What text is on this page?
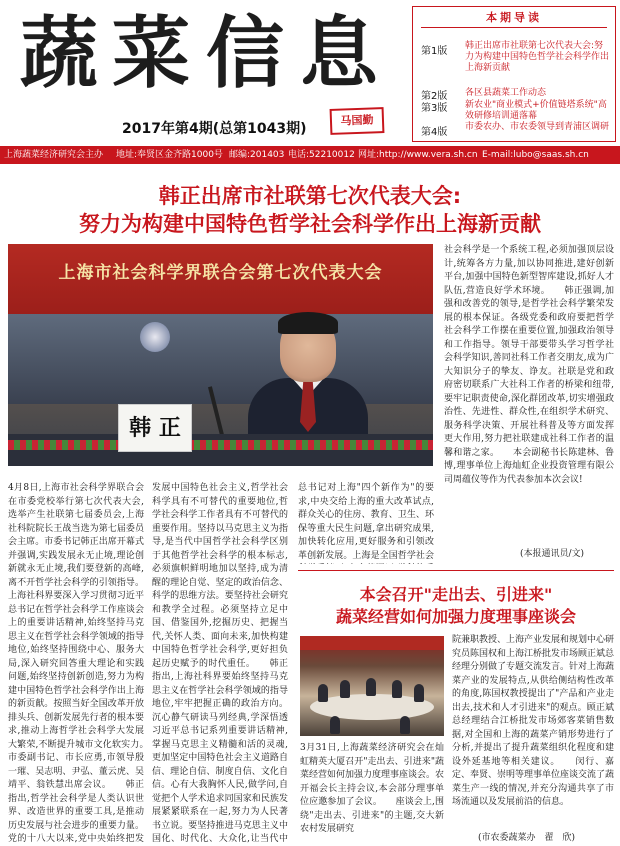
蔬 菜 信 息
马国勤
2017年第4期(总第1043期)
上海蔬菜经济研究会主办 地址:奉贤区金齐路1000号 邮编:201403 电话:52210012 网址:http://www.vera.sh.cn E-mail:lubo@saas.sh.cn
本期导读
第1版 韩正出席市社联第七次代表大会:努力为构建中国特色哲学社会科学作出上海新贡献
第2版 各区县蔬菜工作动态
第3版 新农业"商业模式+价值链塔系统"高效研修培训通落幕
第4版 市委农办、市农委领导到青浦区调研
韩正出席市社联第七次代表大会:
努力为构建中国特色哲学社会科学作出上海新贡献
上海市社会科学界联合会第七次代表大会
韩 正
社会科学是一个系统工程,必须加强顶层设计,统筹各方力量,加以协同推进,建好创新平台,加强中国特色新型智库建设,抓好人才队伍,营造良好学术环境。　　韩正强调,加强和改善党的领导,是哲学社会科学繁荣发展的根本保证。各级党委和政府要把哲学社会科学工作摆在重要位置,加强政治领导和工作指导。领导干部要带头学习哲学社会科学知识,善同社科工作者交朋友,成为广大知识分子的挚友、诤友。社联是党和政府密切联系广大社科工作者的桥梁和纽带,要牢记职责使命,深化群团改革,切实增强政治性、先进性、群众性,在组织学术研究、服务科学决策、开展社科普及等方面发挥更大作用,努力把社联建成社科工作者的温馨和谐之家。　　本会副秘书长陈建林、鲁博,理事单位上海灿虹企业投资管理有限公司周蕴仪等作为代表参加本次会议!
(本报通讯员/文)
4月8日,上海市社会科学界联合会在市委党校举行第七次代表大会,选举产生社联第七届委员会,上海社科院院长王战当选为第七届委员会主席。市委书记韩正出席开幕式并强调,实践发展永无止境,理论创新就永无止境,我们要登新的高峰,离不开哲学社会科学的引领指导。上海社科界要深入学习贯彻习近平总书记在哲学社会科学工作座谈会上的重要讲话精神,始终坚持马克思主义在哲学社会科学领域的指导地位,始终坚持围绕中心、服务大局,深入研究回答重大理论和实践问题,始终坚持创新创造,努力为构建中国特色哲学社会科学作出上海的新贡献。按照当好全国改革开放排头兵、创新发展先行者的根本要求,推动上海哲学社会科学大发展大繁荣,不断提升城市文化软实力。　　市委副书记、市长应勇,市领导殷一璀、吴志明、尹弘、董云虎、吴靖平、翁铁慧出席会议。　　韩正指出,哲学社会科学是人类认识世界、改造世界的重要工具,是推动历史发展与社会进步的重要力量。党的十八大以来,党中央始终把发
发展中国特色社会主义,哲学社会科学具有不可替代的重要地位,哲学社会科学工作者具有不可替代的重要作用。坚持以马克思主义为指导,是当代中国哲学社会科学区别于其他哲学社会科学的根本标志,必须旗帜鲜明地加以坚持,成为清醒的理论自觉、坚定的政治信念、科学的思维方法。要坚持社会研究和教学全过程。必须坚持立足中国、借鉴国外,挖掘历史、把握当代,关怀人类、面向未来,加快构建中国特色哲学社会科学,更好担负起历史赋予的时代重任。　　韩正指出,上海社科界要始终坚持马克思主义在哲学社会科学领域的指导地位,牢牢把握正确的政治方向。沉心静气研读马列经典,学深悟透习近平总书记系列重要讲话精神,掌握马克思主义精髓和活的灵魂,更加坚定中国特色社会主义道路自信、理论自信、制度自信、文化自信。心有大我胸怀人民,做学问,自觉把个人学术追求同国家和民族发展紧紧联系在一起,努力为人民著书立说。要坚持推进马克思主义中国化、时代化、大众化,让当代中
总书记对上海"四个新作为"的要求,中央交给上海的重大改革试点,群众关心的住房、教育、卫生、环保等重大民生问题,拿出研究成果,加快转化应用,更好服务和引领改革创新发展。上海是全国哲学社会
本会召开"走出去、引进来"
蔬菜经营如何加强力度理事座谈会
3月31日,上海蔬菜经济研究会在灿虹精英大厦召开"走出去、引进来"蔬菜经营如何加强力度理事座谈会。农开福会长主持会议,本会部分理事单位应邀参加了会议。　　座谈会上,围绕"走出去、引进来"的主题,交大新农村发展研究
院兼职教授、上海产业发展和规划中心研究员陈国权和上海江桥批发市场顾正斌总经理分别做了专题交流发言。针对上海蔬菜产业的发展特点,从供给侧结构性改革的角度,陈国权教授提出了"产品和产业走出去,技术和人才引进来"的观点。顾正斌总经理结合江桥批发市场郊客菜销售数据,对全国和上海的蔬菜产销形势进行了分析,并提出了提升蔬菜组织化程度和建设外延基地等相关建议。　　闵行、嘉定、奉贤、崇明等理事单位座谈交流了蔬菜生产一线的情况,并充分沟通共享了市场流通以及发展前沿的信息。
(市农委蔬菜办　翟　欣)
